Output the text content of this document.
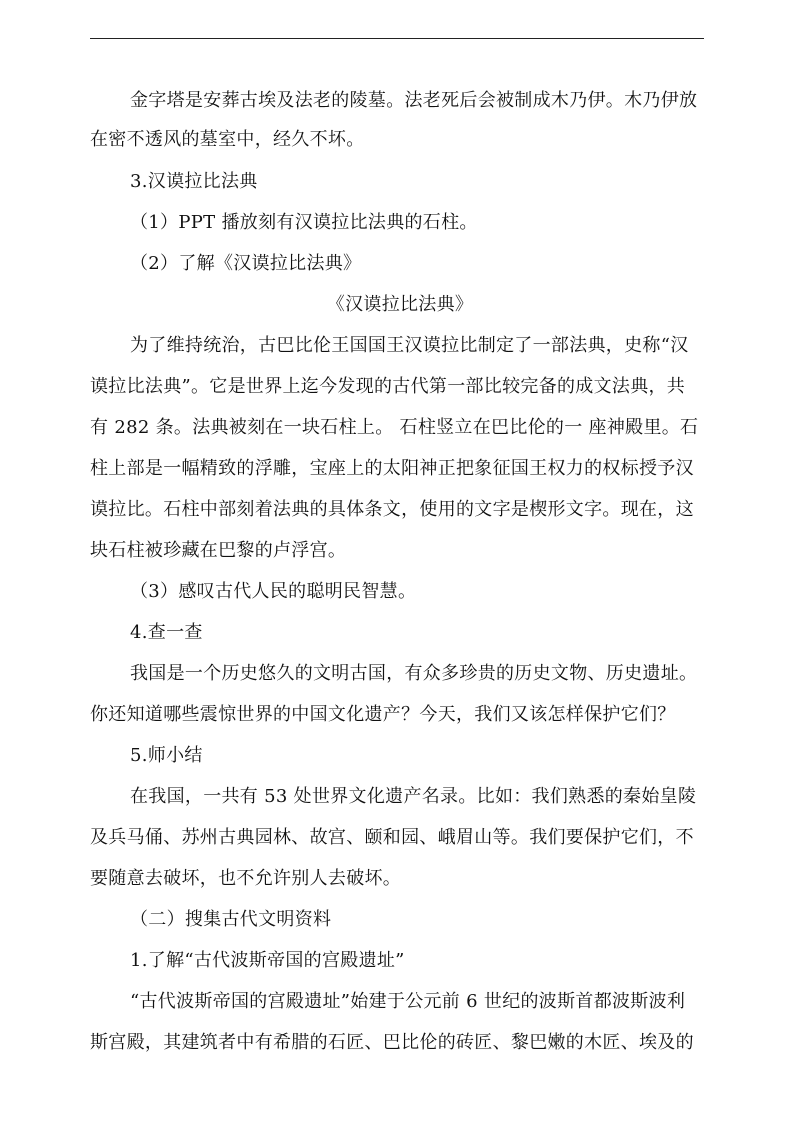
金字塔是安葬古埃及法老的陵墓。法老死后会被制成木乃伊。木乃伊放
在密不透风的墓室中，经久不坏。
3.汉谟拉比法典
（1）PPT 播放刻有汉谟拉比法典的石柱。
（2）了解《汉谟拉比法典》
《汉谟拉比法典》
为了维持统治，古巴比伦王国国王汉谟拉比制定了一部法典，史称“汉
谟拉比法典”。它是世界上迄今发现的古代第一部比较完备的成文法典，共
有 282 条。法典被刻在一块石柱上。 石柱竖立在巴比伦的一 座神殿里。石
柱上部是一幅精致的浮雕，宝座上的太阳神正把象征国王权力的权标授予汉
谟拉比。石柱中部刻着法典的具体条文，使用的文字是楔形文字。现在，这
块石柱被珍藏在巴黎的卢浮宫。
（3）感叹古代人民的聪明民智慧。
4.查一查
我国是一个历史悠久的文明古国，有众多珍贵的历史文物、历史遗址。
你还知道哪些震惊世界的中国文化遗产？今天，我们又该怎样保护它们？
5.师小结
在我国，一共有 53 处世界文化遗产名录。比如：我们熟悉的秦始皇陵
及兵马俑、苏州古典园林、故宫、颐和园、峨眉山等。我们要保护它们，不
要随意去破坏，也不允许别人去破坏。
（二）搜集古代文明资料
1.了解“古代波斯帝国的宫殿遗址”
“古代波斯帝国的宫殿遗址”始建于公元前 6 世纪的波斯首都波斯波利
斯宫殿，其建筑者中有希腊的石匠、巴比伦的砖匠、黎巴嫩的木匠、埃及的
